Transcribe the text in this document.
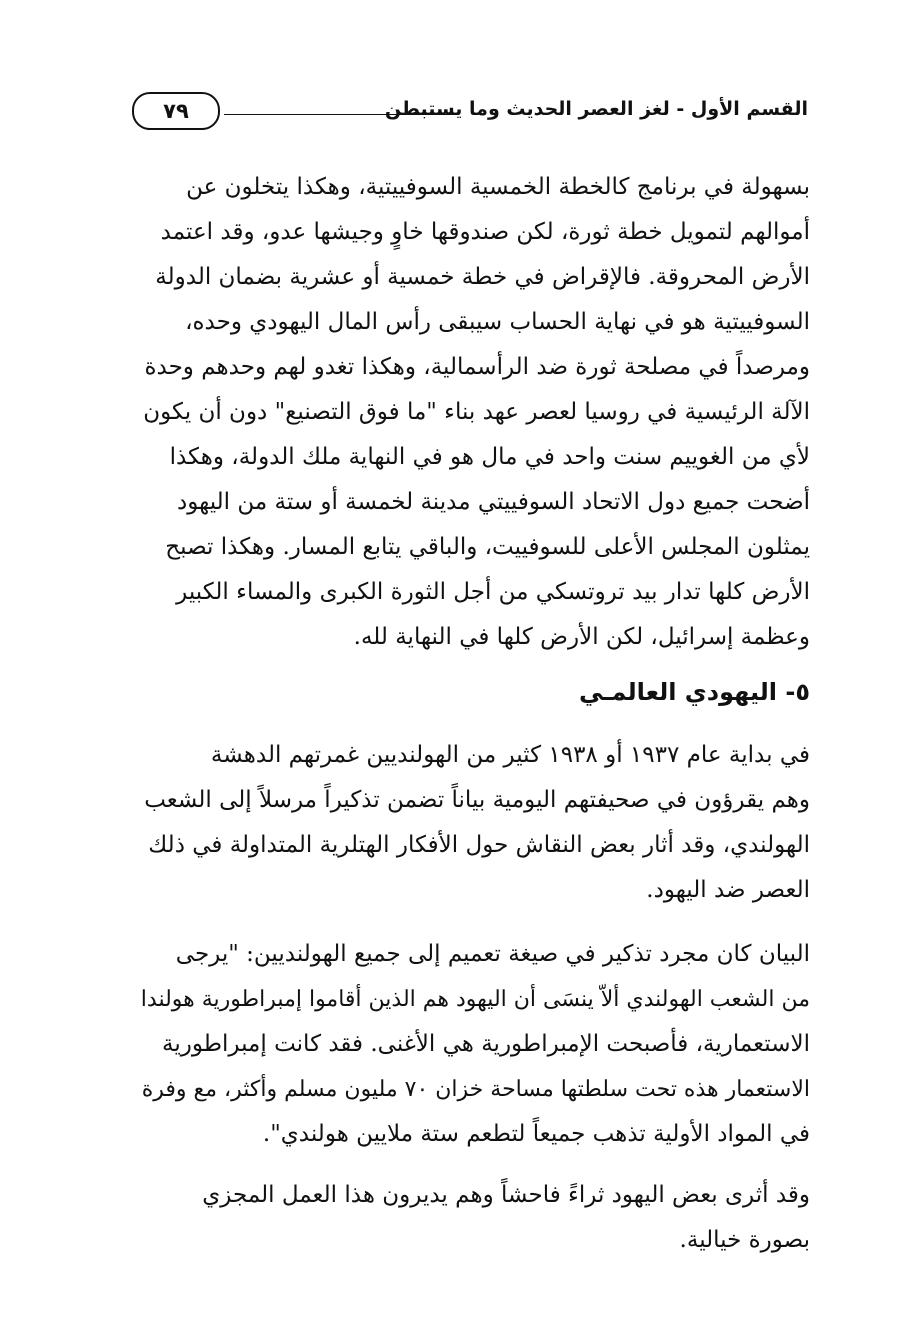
القسم الأول - لغز العصر الحديث وما يستبطن
٧٩
بسهولة في برنامج كالخطة الخمسية السوفييتية، وهكذا يتخلون عن
أموالهم لتمويل خطة ثورة، لكن صندوقها خاوٍ وجيشها عدو، وقد اعتمد
الأرض المحروقة. فالإقراض في خطة خمسية أو عشرية بضمان الدولة
السوفييتية هو في نهاية الحساب سيبقى رأس المال اليهودي وحده،
ومرصداً في مصلحة ثورة ضد الرأسمالية، وهكذا تغدو لهم وحدهم وحدة
الآلة الرئيسية في روسيا لعصر عهد بناء "ما فوق التصنيع" دون أن يكون
لأي من الغوييم سنت واحد في مال هو في النهاية ملك الدولة، وهكذا
أضحت جميع دول الاتحاد السوفييتي مدينة لخمسة أو ستة من اليهود
يمثلون المجلس الأعلى للسوفييت، والباقي يتابع المسار. وهكذا تصبح
الأرض كلها تدار بيد تروتسكي من أجل الثورة الكبرى والمساء الكبير
وعظمة إسرائيل، لكن الأرض كلها في النهاية لله.
٥- اليهودي العالمـي
في بداية عام ١٩٣٧ أو ١٩٣٨ كثير من الهولنديين غمرتهم الدهشة
وهم يقرؤون في صحيفتهم اليومية بياناً تضمن تذكيراً مرسلاً إلى الشعب
الهولندي، وقد أثار بعض النقاش حول الأفكار الهتلرية المتداولة في ذلك
العصر ضد اليهود.
البيان كان مجرد تذكير في صيغة تعميم إلى جميع الهولنديين: "يرجى
من الشعب الهولندي ألاّ ينسَى أن اليهود هم الذين أقاموا إمبراطورية هولندا
الاستعمارية، فأصبحت الإمبراطورية هي الأغنى. فقد كانت إمبراطورية
الاستعمار هذه تحت سلطتها مساحة خزان ٧٠ مليون مسلم وأكثر، مع وفرة
في المواد الأولية تذهب جميعاً لتطعم ستة ملايين هولندي".
وقد أثرى بعض اليهود ثراءً فاحشاً وهم يديرون هذا العمل المجزي
بصورة خيالية.
